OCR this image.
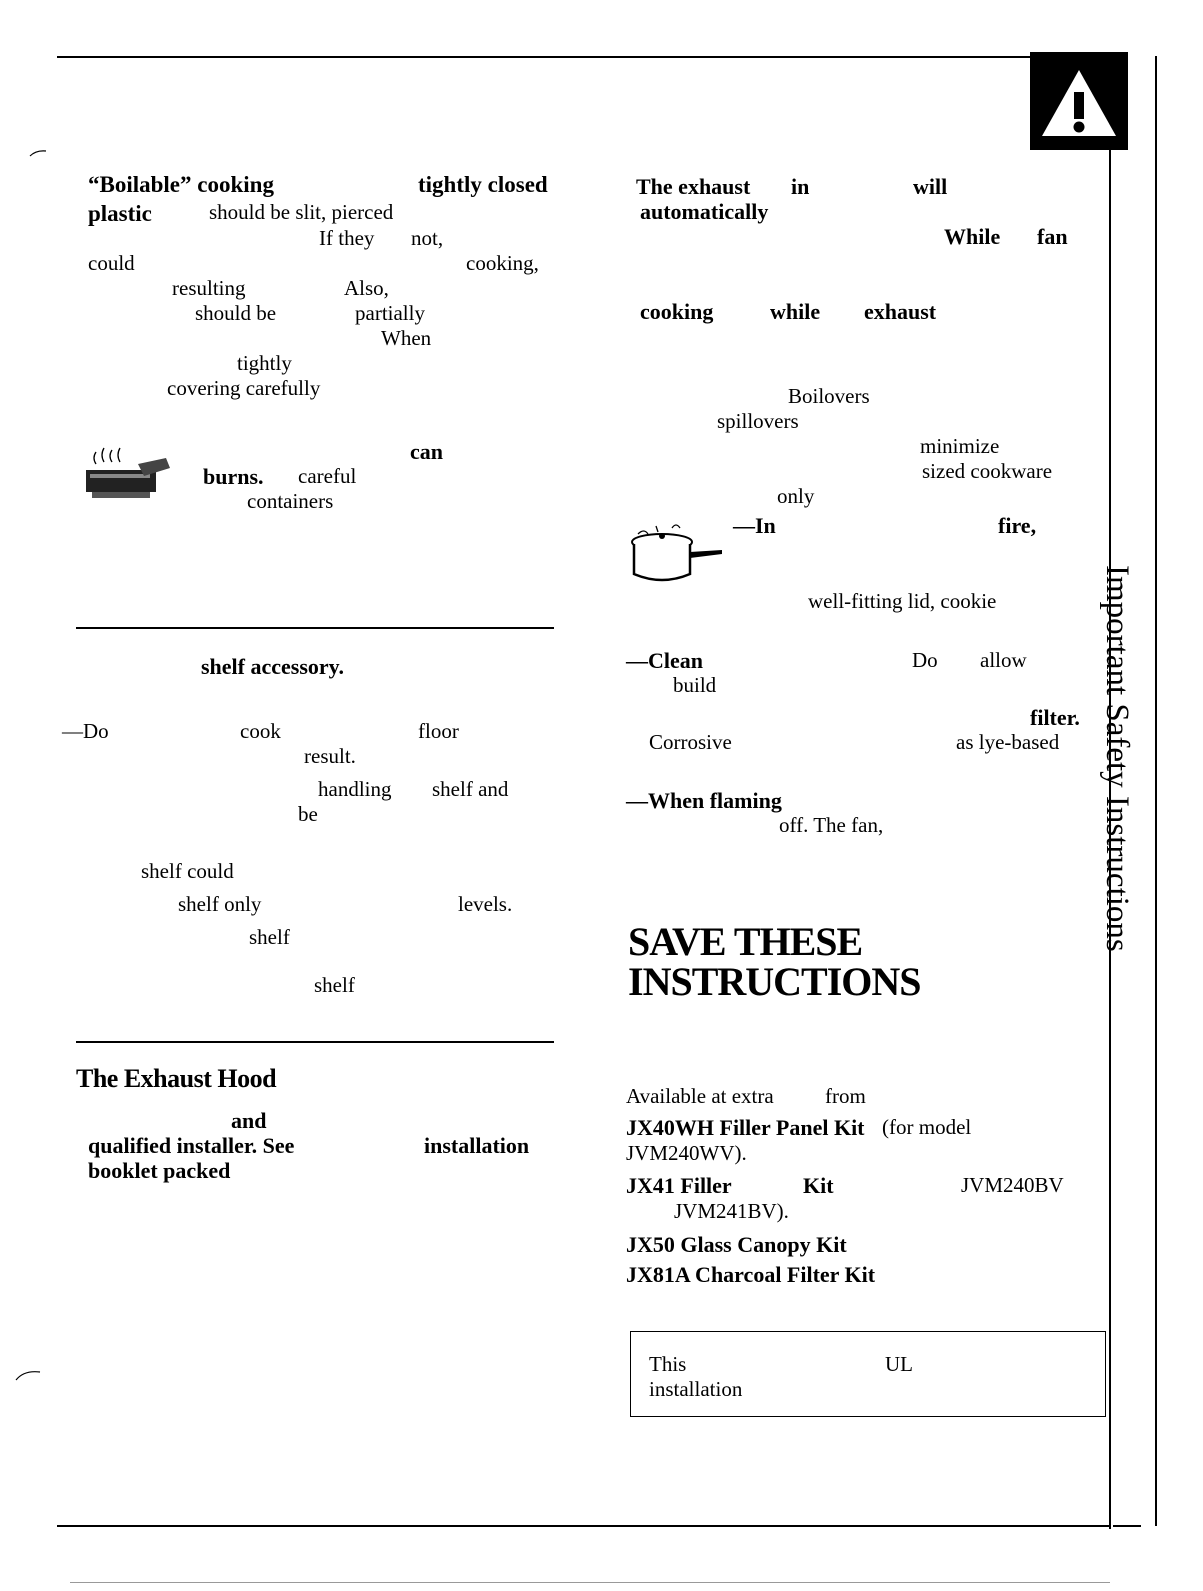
Important Safety Instructions
“Boilable” cooking	tightly closed
plastic	should be slit, pierced
If they not,
could	cooking,
resulting	Also,
should be	partially
When
tightly
covering carefully
can
burns. careful
containers
shelf accessory.
—Do	cook	floor
result.
handling shelf and
be
shelf could
shelf only	levels.
shelf
shelf
The Exhaust Hood
and
qualified installer. See	installation
booklet packed
The exhaust in	will
automatically
While fan
cooking	while exhaust
Boilovers
spillovers
minimize
sized cookware
only
—In	fire,
well-fitting lid, cookie
—Clean	Do allow
build
filter.
Corrosive	as lye-based
—When flaming
off. The fan,
SAVE THESE
INSTRUCTIONS
Available at extra from
JX40WH Filler Panel Kit (for model
JVM240WV).
JX41 Filler	Kit	JVM240BV
JVM241BV).
JX50 Glass Canopy Kit
JX81A Charcoal Filter Kit
This	UL
installation
